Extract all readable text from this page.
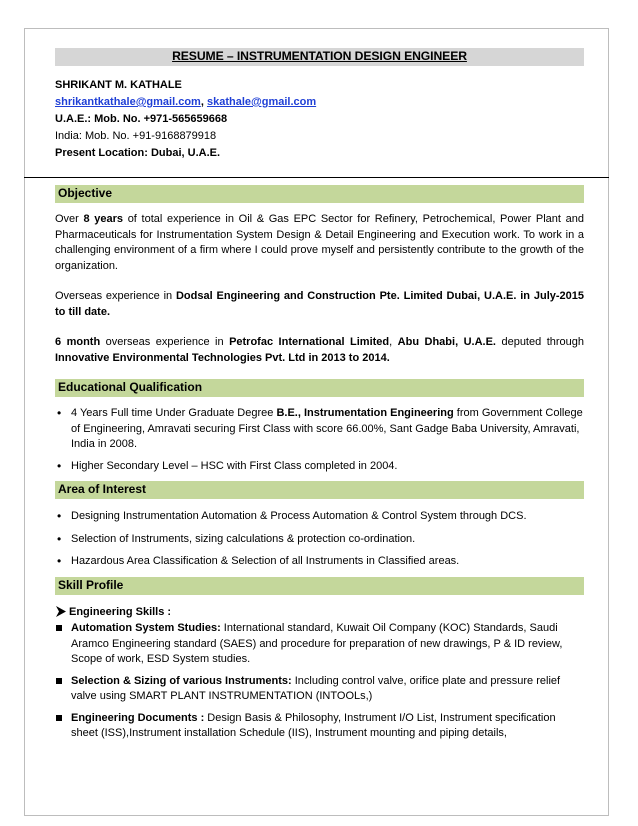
RESUME – INSTRUMENTATION DESIGN ENGINEER
SHRIKANT M. KATHALE
shrikantkathale@gmail.com, skathale@gmail.com
U.A.E.: Mob. No. +971-565659668
India: Mob. No. +91-9168879918
Present Location: Dubai, U.A.E.
Objective

Over 8 years of total experience in Oil & Gas EPC Sector for Refinery, Petrochemical, Power Plant and Pharmaceuticals for Instrumentation System Design & Detail Engineering and Execution work. To work in a challenging environment of a firm where I could prove myself and persistently contribute to the growth of the organization.

Overseas experience in Dodsal Engineering and Construction Pte. Limited Dubai, U.A.E. in July-2015 to till date.

6 month overseas experience in Petrofac International Limited, Abu Dhabi, U.A.E. deputed through Innovative Environmental Technologies Pvt. Ltd in 2013 to 2014.

Educational Qualification
• 4 Years Full time Under Graduate Degree B.E., Instrumentation Engineering from Government College of Engineering, Amravati securing First Class with score 66.00%, Sant Gadge Baba University, Amravati, India in 2008.
• Higher Secondary Level – HSC with First Class completed in 2004.
Area of Interest
• Designing Instrumentation Automation & Process Automation & Control System through DCS.
• Selection of Instruments, sizing calculations & protection co-ordination.
• Hazardous Area Classification & Selection of all Instruments in Classified areas.
Skill Profile
Engineering Skills :
Automation System Studies: International standard, Kuwait Oil Company (KOC) Standards, Saudi Aramco Engineering standard (SAES) and procedure for preparation of new drawings, P & ID review, Scope of work, ESD System studies.
Selection & Sizing of various Instruments: Including control valve, orifice plate and pressure relief valve using SMART PLANT INSTRUMENTATION (INTOOLs,)
Engineering Documents : Design Basis & Philosophy, Instrument I/O List, Instrument specification sheet (ISS),Instrument installation Schedule (IIS), Instrument mounting and piping details,
